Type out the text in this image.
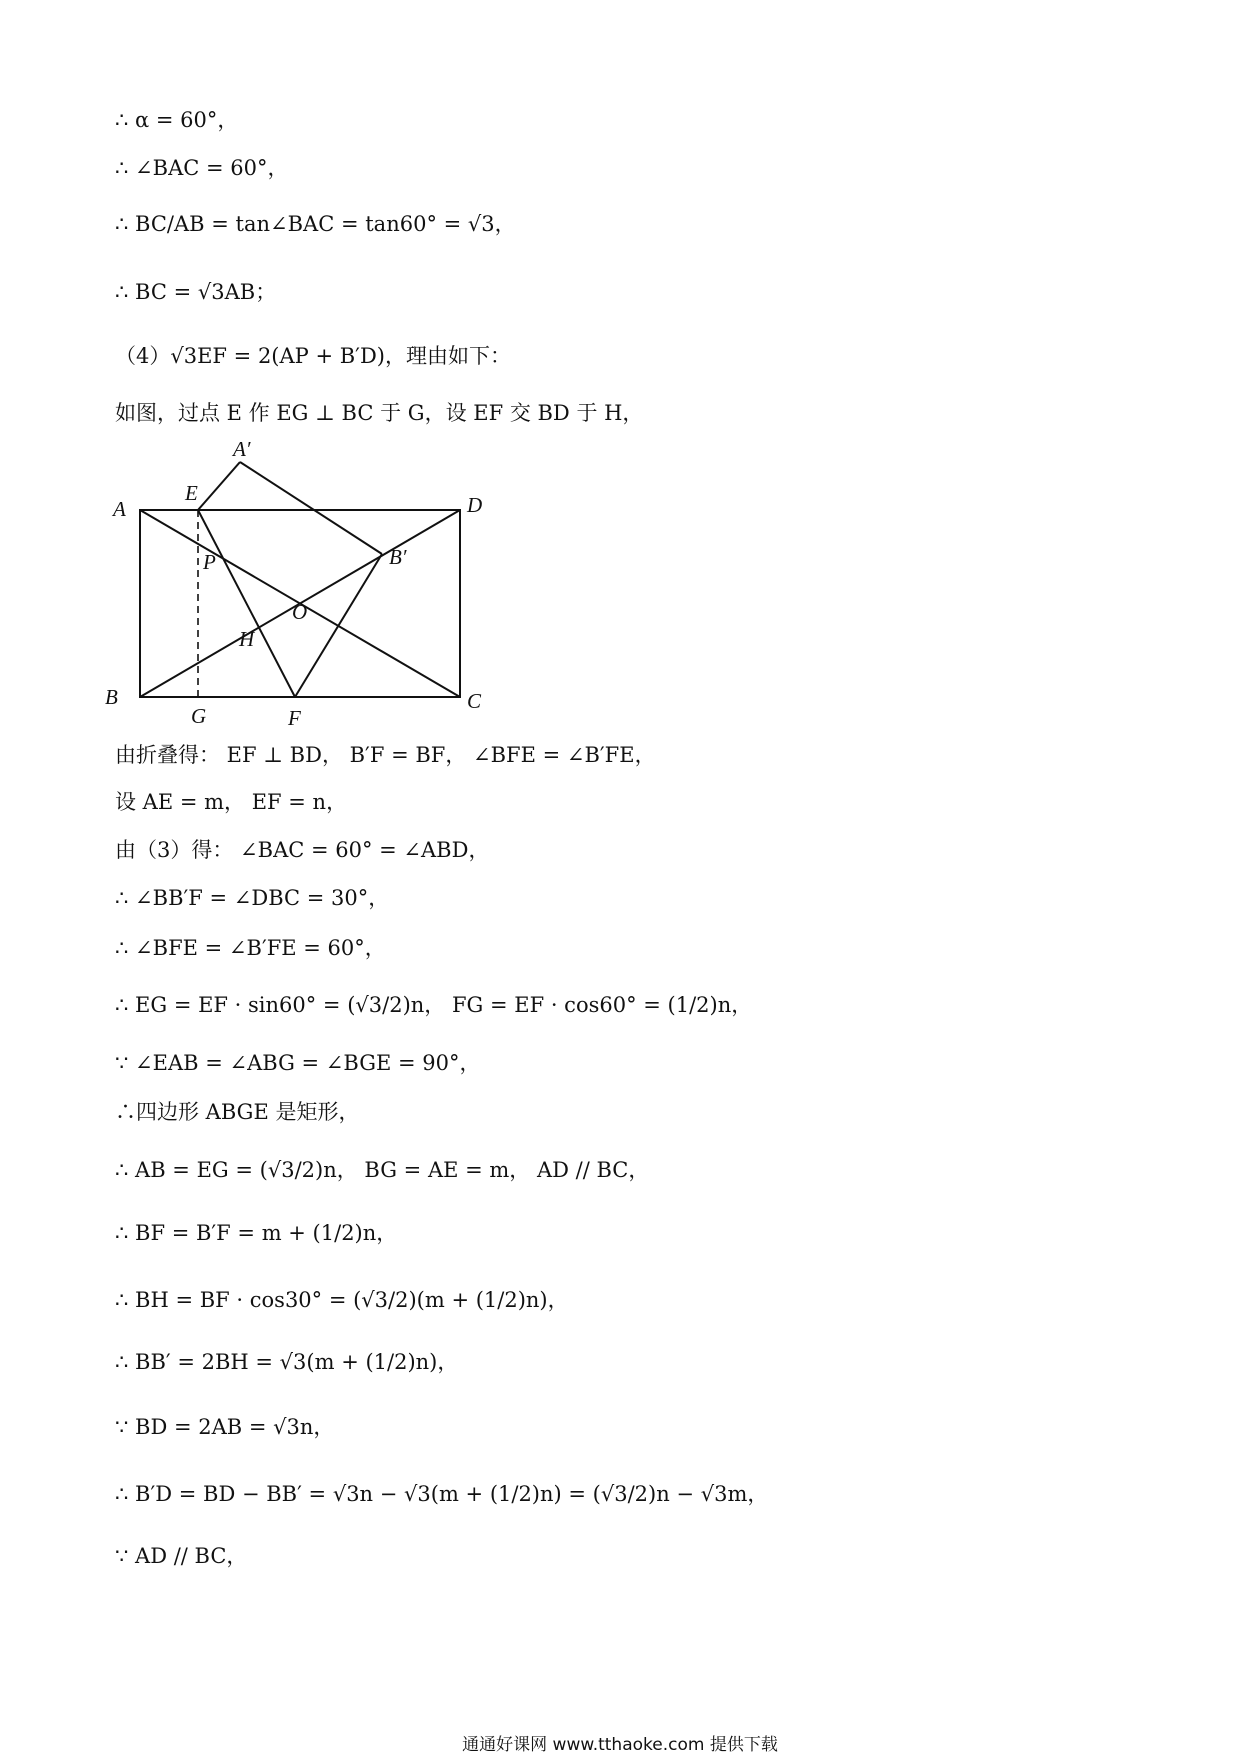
∴ α = 60°，
∴ ∠BAC = 60°，
∴ BC/AB = tan∠BAC = tan60° = √3，
∴ BC = √3AB；
（4）√3EF = 2(AP + B′D)，理由如下：
如图，过点 E 作 EG ⊥ BC 于 G，设 EF 交 BD 于 H，
A′
A
E	D
P	B′
O
H
B
G	F
C
由折叠得： EF ⊥ BD， B′F = BF， ∠BFE = ∠B′FE，
设 AE = m， EF = n，
由（3）得： ∠BAC = 60° = ∠ABD，
∴ ∠BB′F = ∠DBC = 30°，
∴ ∠BFE = ∠B′FE = 60°，
∴ EG = EF · sin60° = (√3/2)n， FG = EF · cos60° = (1/2)n，
∵ ∠EAB = ∠ABG = ∠BGE = 90°，
∴四边形 ABGE 是矩形，
∴ AB = EG = (√3/2)n， BG = AE = m， AD // BC，
∴ BF = B′F = m + (1/2)n，
∴ BH = BF · cos30° = (√3/2)(m + (1/2)n)，
∴ BB′ = 2BH = √3(m + (1/2)n)，
∵ BD = 2AB = √3n，
∴ B′D = BD − BB′ = √3n − √3(m + (1/2)n) = (√3/2)n − √3m，
∵ AD // BC，
通通好课网 www.tthaoke.com 提供下载
